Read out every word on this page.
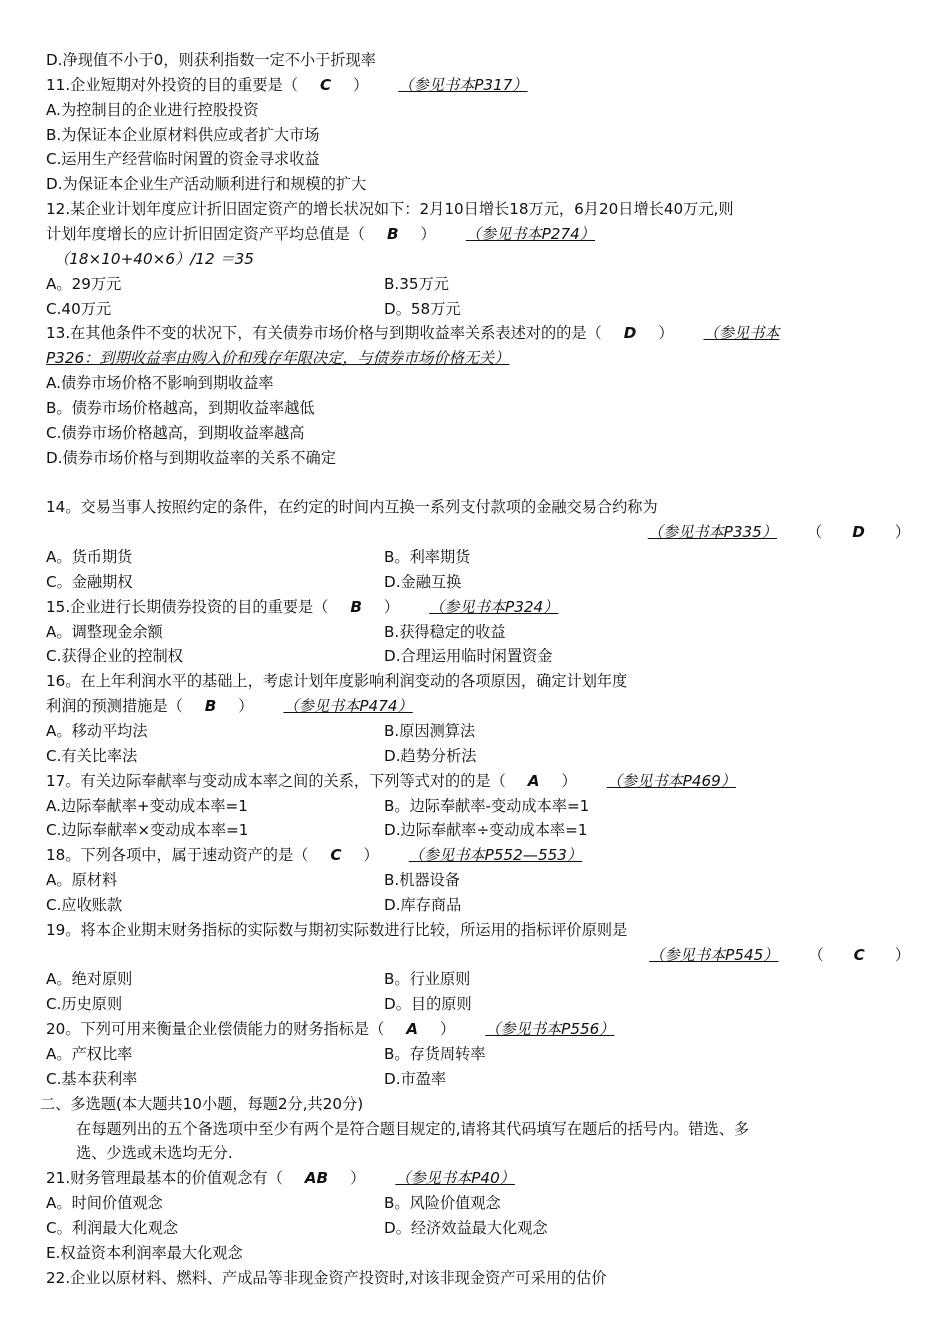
D.净现值不小于0，则获利指数一定不小于折现率
11.企业短期对外投资的目的重要是（ C ） （参见书本P317）
A.为控制目的企业进行控股投资
B.为保证本企业原材料供应或者扩大市场
C.运用生产经营临时闲置的资金寻求收益
D.为保证本企业生产活动顺利进行和规模的扩大
12.某企业计划年度应计折旧固定资产的增长状况如下：2月10日增长18万元，6月20日增长40万元,则
计划年度增长的应计折旧固定资产平均总值是（ B ） （参见书本P274）
（18×10+40×6）/12 ＝35
A。29万元	B.35万元
C.40万元	D。58万元
13.在其他条件不变的状况下，有关债券市场价格与到期收益率关系表述对的的是（ D ） （参见书本
P326：到期收益率由购入价和残存年限决定，与债券市场价格无关）
A.债券市场价格不影响到期收益率
B。债券市场价格越高，到期收益率越低
C.债券市场价格越高，到期收益率越高
D.债券市场价格与到期收益率的关系不确定
14。交易当事人按照约定的条件，在约定的时间内互换一系列支付款项的金融交易合约称为
（参见书本P335） （ D ）
A。货币期货	B。利率期货
C。金融期权	D.金融互换
15.企业进行长期债券投资的目的重要是（ B ） （参见书本P324）
A。调整现金余额	B.获得稳定的收益
C.获得企业的控制权	D.合理运用临时闲置资金
16。在上年利润水平的基础上，考虑计划年度影响利润变动的各项原因，确定计划年度
利润的预测措施是（ B ） （参见书本P474）
A。移动平均法	B.原因测算法
C.有关比率法	D.趋势分析法
17。有关边际奉献率与变动成本率之间的关系，下列等式对的的是（ A ） （参见书本P469）
A.边际奉献率+变动成本率=1	B。边际奉献率-变动成本率=1
C.边际奉献率×变动成本率=1	D.边际奉献率÷变动成本率=1
18。下列各项中，属于速动资产的是（ C ） （参见书本P552—553）
A。原材料	B.机器设备
C.应收账款	D.库存商品
19。将本企业期末财务指标的实际数与期初实际数进行比较，所运用的指标评价原则是
（参见书本P545） （ C ）
A。绝对原则	B。行业原则
C.历史原则	D。目的原则
20。下列可用来衡量企业偿债能力的财务指标是（ A ） （参见书本P556）
A。产权比率	B。存货周转率
C.基本获利率	D.市盈率
二、多选题(本大题共10小题，每题2分,共20分)
在每题列出的五个备选项中至少有两个是符合题目规定的,请将其代码填写在题后的括号内。错选、多
选、少选或未选均无分.
21.财务管理最基本的价值观念有（ AB ） （参见书本P40）
A。时间价值观念	B。风险价值观念
C。利润最大化观念	D。经济效益最大化观念
E.权益资本利润率最大化观念
22.企业以原材料、燃料、产成品等非现金资产投资时,对该非现金资产可采用的估价
